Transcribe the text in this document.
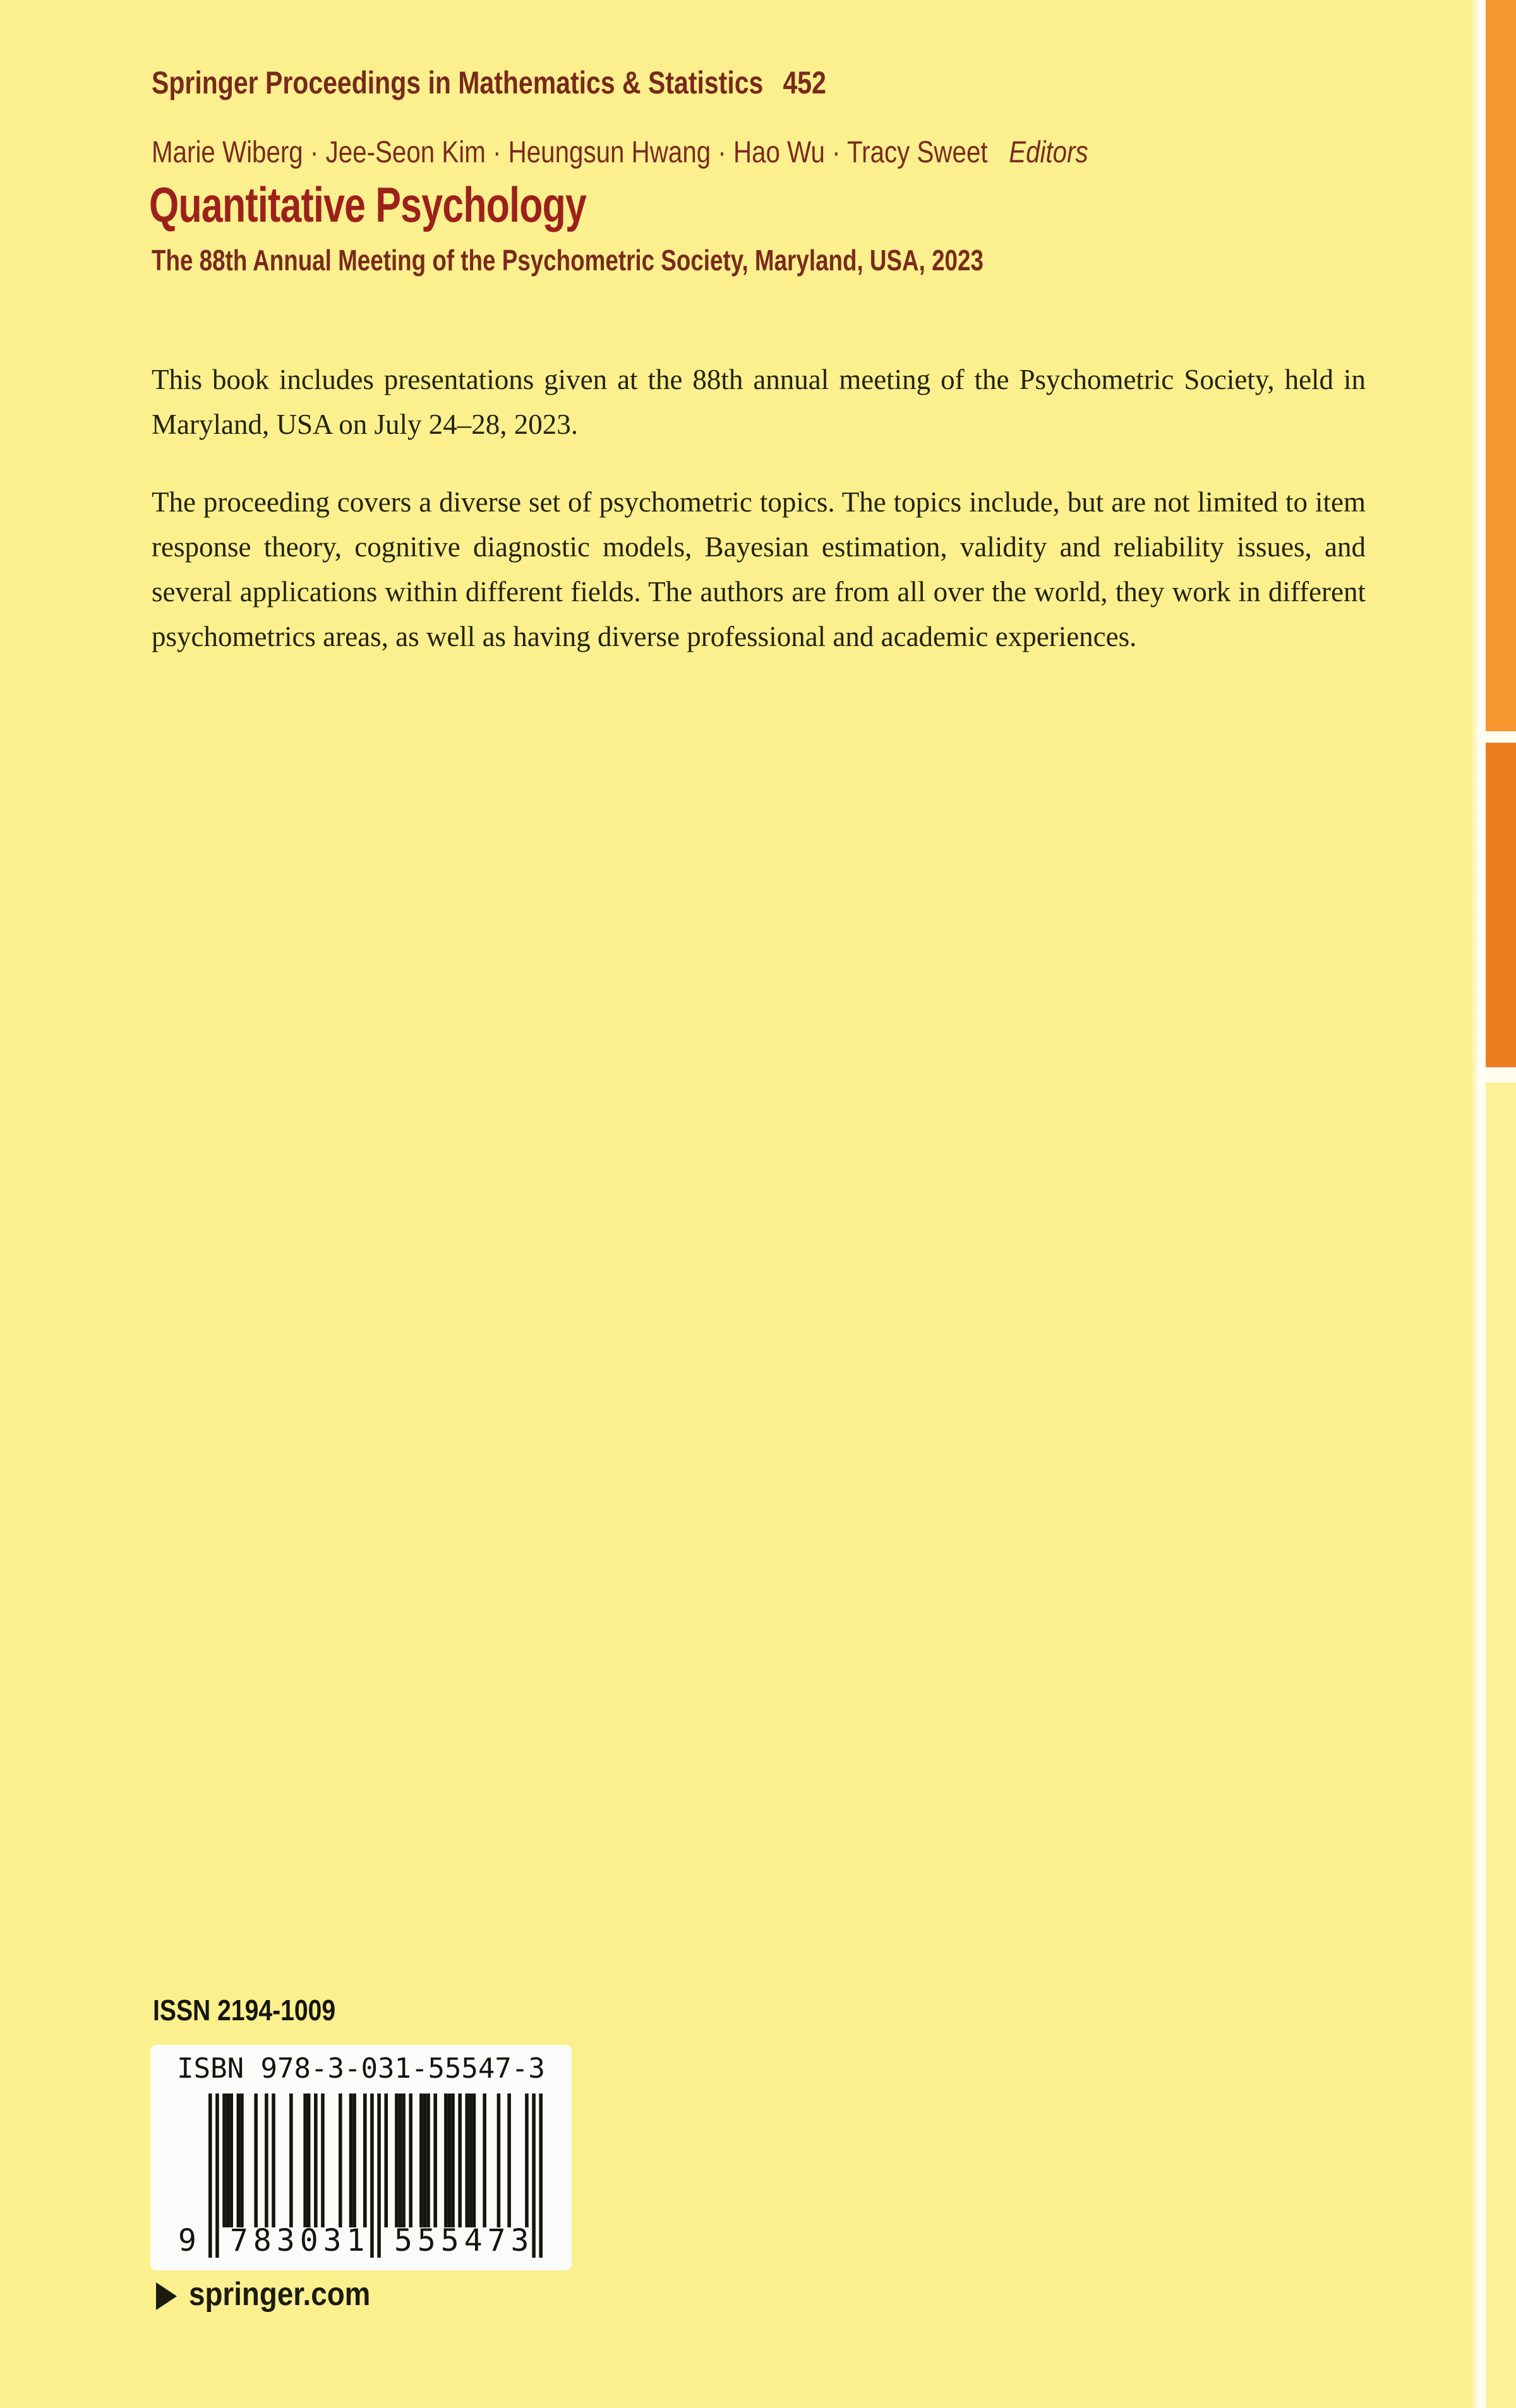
Springer Proceedings in Mathematics & Statistics 452
Marie Wiberg · Jee-Seon Kim · Heungsun Hwang · Hao Wu · Tracy Sweet Editors
Quantitative Psychology
The 88th Annual Meeting of the Psychometric Society, Maryland, USA, 2023

This book includes presentations given at the 88th annual meeting of the Psychometric Society, held in Maryland, USA on July 24–28, 2023.

The proceeding covers a diverse set of psychometric topics. The topics include, but are not limited to item response theory, cognitive diagnostic models, Bayesian estimation, validity and reliability issues, and several applications within different fields. The authors are from all over the world, they work in different psychometrics areas, as well as having diverse professional and academic experiences.

ISSN 2194-1009
ISBN 978-3-031-55547-3
9 783031 555473
springer.com
